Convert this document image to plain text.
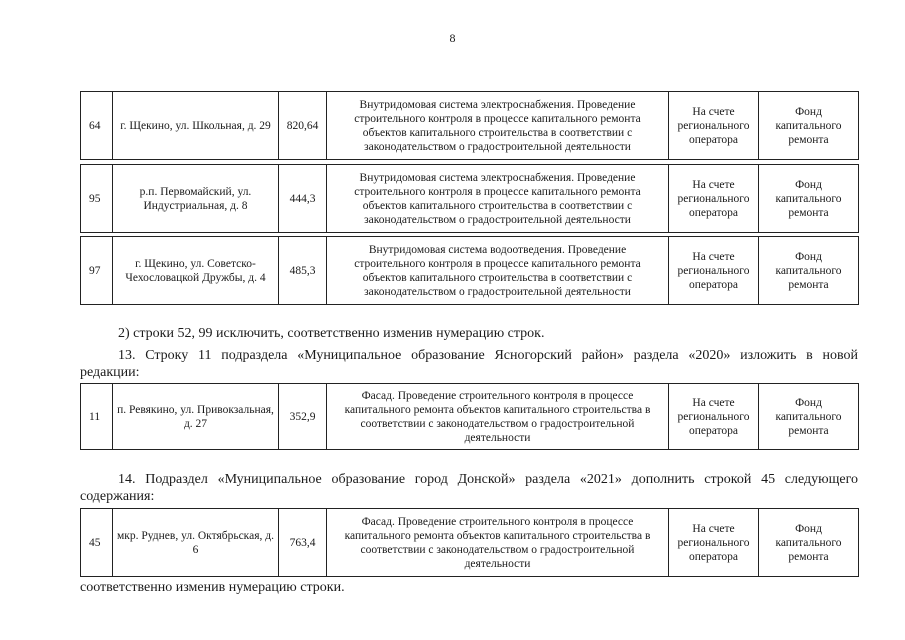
8
64	г. Щекино, ул. Школьная, д. 29	820,64	Внутридомовая система электроснабжения. Проведение строительного контроля в процессе капитального ремонта объектов капитального строительства в соответствии с законодательством о градостроительной деятельности	На счете регионального оператора	Фонд капитального ремонта
95	р.п. Первомайский, ул. Индустриальная, д. 8	444,3	Внутридомовая система электроснабжения. Проведение строительного контроля в процессе капитального ремонта объектов капитального строительства в соответствии с законодательством о градостроительной деятельности	На счете регионального оператора	Фонд капитального ремонта
97	г. Щекино, ул. Советско-Чехословацкой Дружбы, д. 4	485,3	Внутридомовая система водоотведения. Проведение строительного контроля в процессе капитального ремонта объектов капитального строительства в соответствии с законодательством о градостроительной деятельности	На счете регионального оператора	Фонд капитального ремонта
2) строки 52, 99 исключить, соответственно изменив нумерацию строк.
13. Строку 11 подраздела «Муниципальное образование Ясногорский район» раздела «2020» изложить в новой
редакции:
11	п. Ревякино, ул. Привокзальная, д. 27	352,9	Фасад. Проведение строительного контроля в процессе капитального ремонта объектов капитального строительства в соответствии с законодательством о градостроительной деятельности	На счете регионального оператора	Фонд капитального ремонта
14. Подраздел «Муниципальное образование город Донской» раздела «2021» дополнить строкой 45 следующего
содержания:
45	мкр. Руднев, ул. Октябрьская, д. 6	763,4	Фасад. Проведение строительного контроля в процессе капитального ремонта объектов капитального строительства в соответствии с законодательством о градостроительной деятельности	На счете регионального оператора	Фонд капитального ремонта
соответственно изменив нумерацию строки.
